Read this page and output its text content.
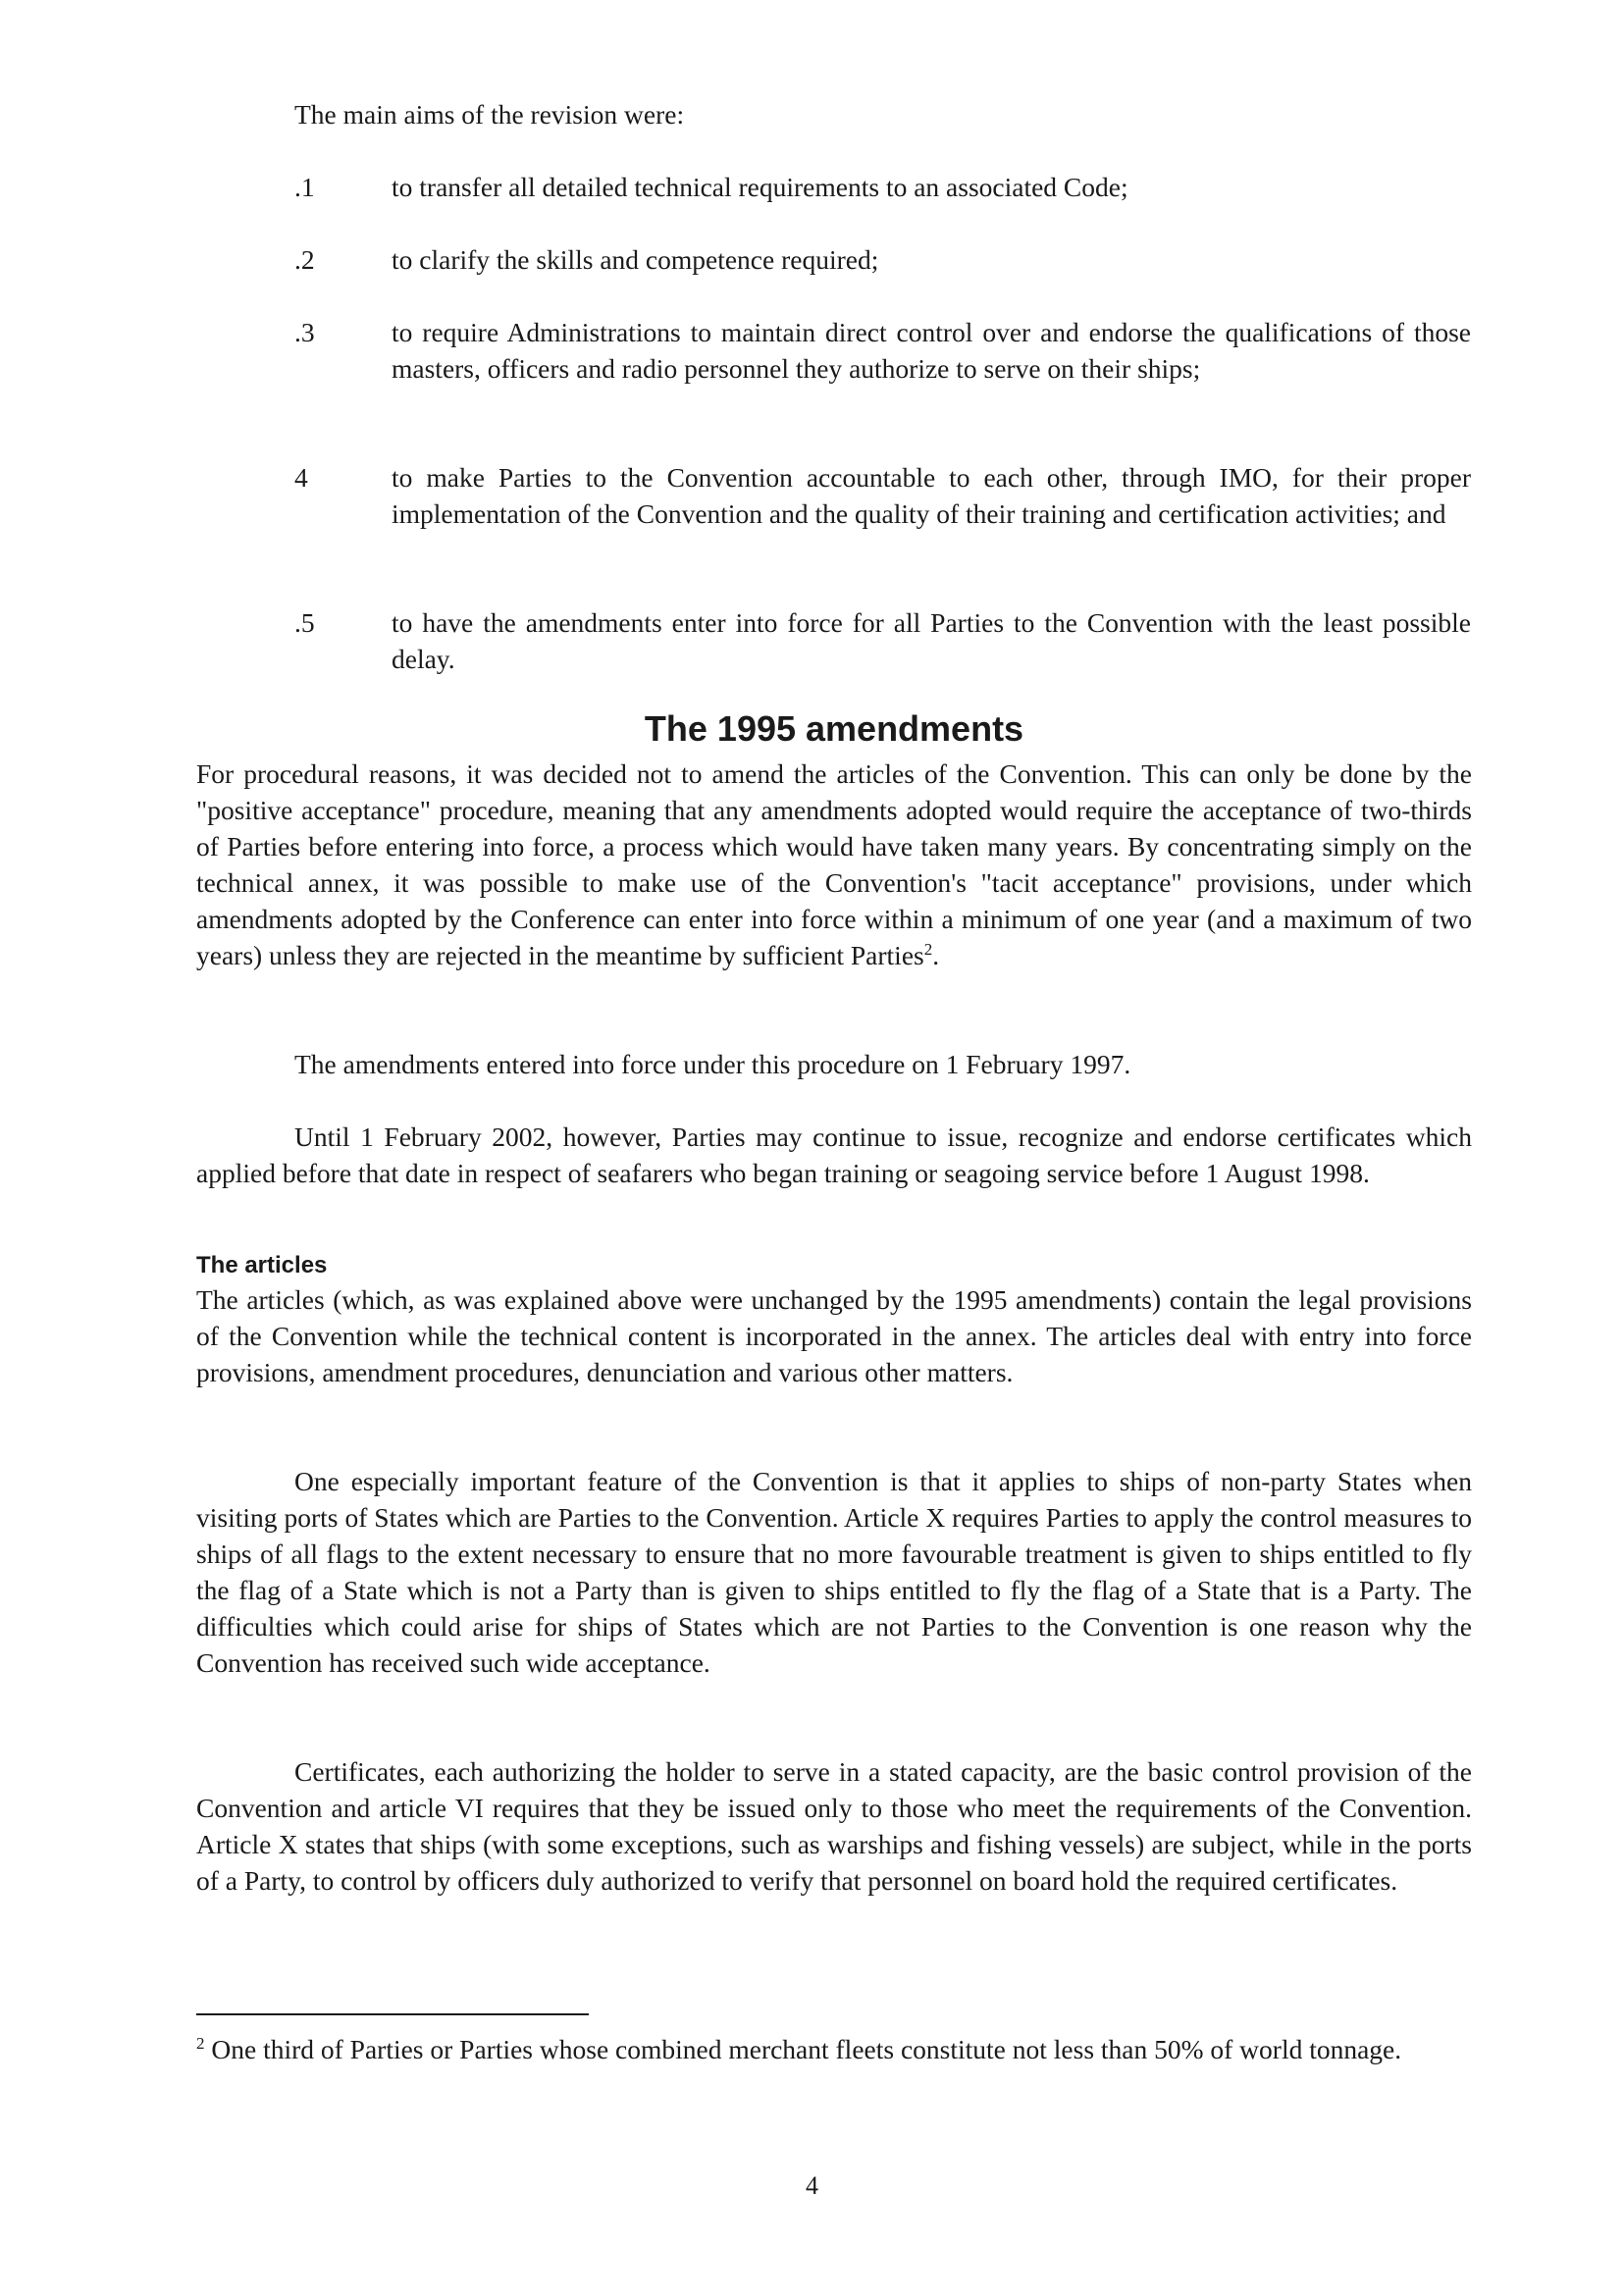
The main aims of the revision were:

.1	to transfer all detailed technical requirements to an associated Code;

.2	to clarify the skills and competence required;

.3	to require Administrations to maintain direct control over and endorse the qualifications of those masters, officers and radio personnel they authorize to serve on their ships;

4	to make Parties to the Convention accountable to each other, through IMO, for their proper implementation of the Convention and the quality of their training and certification activities; and

.5	to have the amendments enter into force for all Parties to the Convention with the least possible delay.

The 1995 amendments

For procedural reasons, it was decided not to amend the articles of the Convention. This can only be done by the "positive acceptance" procedure, meaning that any amendments adopted would require the acceptance of two-thirds of Parties before entering into force, a process which would have taken many years. By concentrating simply on the technical annex, it was possible to make use of the Convention's "tacit acceptance" provisions, under which amendments adopted by the Conference can enter into force within a minimum of one year (and a maximum of two years) unless they are rejected in the meantime by sufficient Parties$^2$.

The amendments entered into force under this procedure on 1 February 1997.

Until 1 February 2002, however, Parties may continue to issue, recognize and endorse certificates which applied before that date in respect of seafarers who began training or seagoing service before 1 August 1998.

The articles

The articles (which, as was explained above were unchanged by the 1995 amendments) contain the legal provisions of the Convention while the technical content is incorporated in the annex. The articles deal with entry into force provisions, amendment procedures, denunciation and various other matters.

One especially important feature of the Convention is that it applies to ships of non-party States when visiting ports of States which are Parties to the Convention. Article X requires Parties to apply the control measures to ships of all flags to the extent necessary to ensure that no more favourable treatment is given to ships entitled to fly the flag of a State which is not a Party than is given to ships entitled to fly the flag of a State that is a Party. The difficulties which could arise for ships of States which are not Parties to the Convention is one reason why the Convention has received such wide acceptance.

Certificates, each authorizing the holder to serve in a stated capacity, are the basic control provision of the Convention and article VI requires that they be issued only to those who meet the requirements of the Convention. Article X states that ships (with some exceptions, such as warships and fishing vessels) are subject, while in the ports of a Party, to control by officers duly authorized to verify that personnel on board hold the required certificates.

$^2$ One third of Parties or Parties whose combined merchant fleets constitute not less than 50% of world tonnage.

4
